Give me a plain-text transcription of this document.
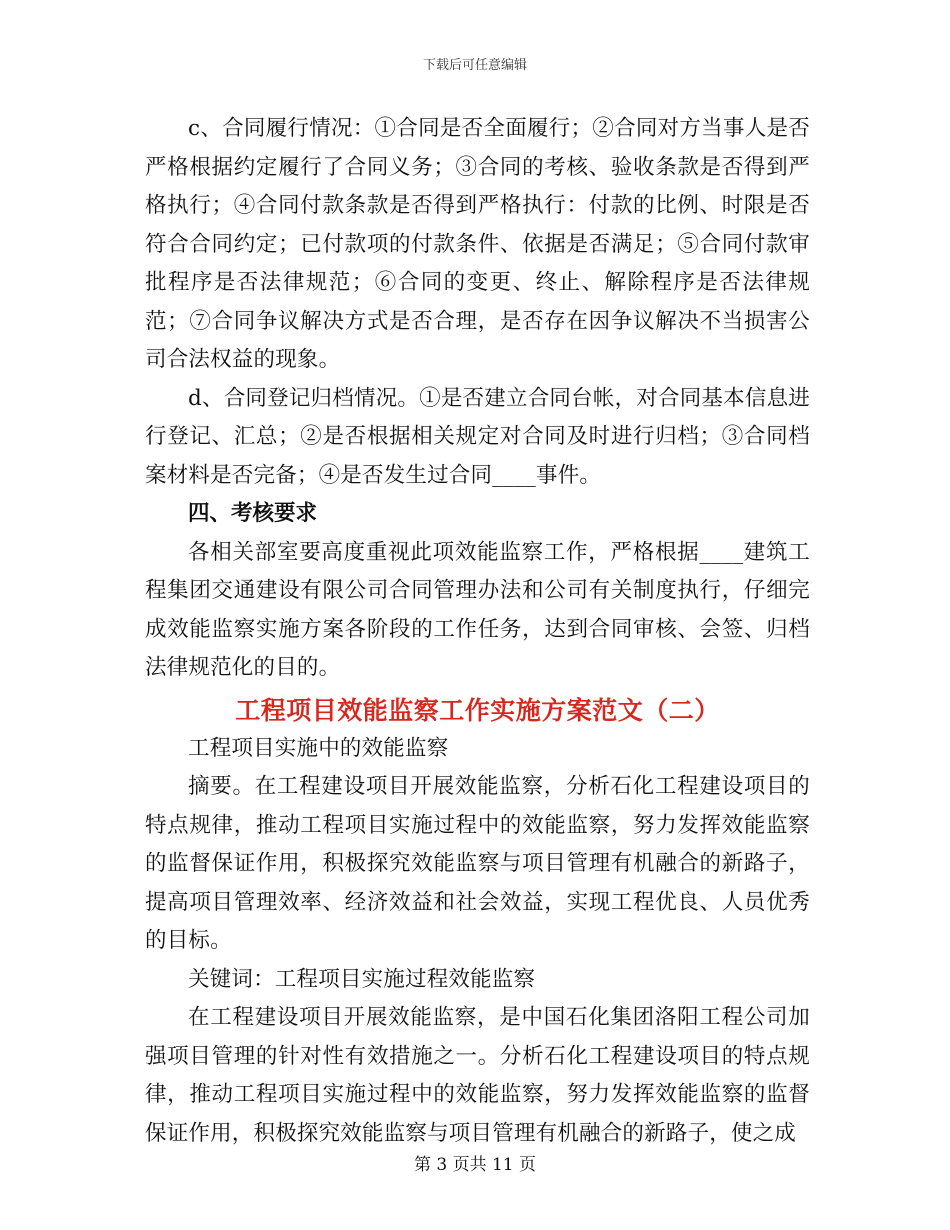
下载后可任意编辑

c、合同履行情况：①合同是否全面履行；②合同对方当事人是否严格根据约定履行了合同义务；③合同的考核、验收条款是否得到严格执行；④合同付款条款是否得到严格执行：付款的比例、时限是否符合合同约定；已付款项的付款条件、依据是否满足；⑤合同付款审批程序是否法律规范；⑥合同的变更、终止、解除程序是否法律规范；⑦合同争议解决方式是否合理，是否存在因争议解决不当损害公司合法权益的现象。

d、合同登记归档情况。①是否建立合同台帐，对合同基本信息进行登记、汇总；②是否根据相关规定对合同及时进行归档；③合同档案材料是否完备；④是否发生过合同____事件。

四、考核要求

各相关部室要高度重视此项效能监察工作，严格根据____建筑工程集团交通建设有限公司合同管理办法和公司有关制度执行，仔细完成效能监察实施方案各阶段的工作任务，达到合同审核、会签、归档法律规范化的目的。

工程项目效能监察工作实施方案范文（二）

工程项目实施中的效能监察

摘要。在工程建设项目开展效能监察，分析石化工程建设项目的特点规律，推动工程项目实施过程中的效能监察，努力发挥效能监察的监督保证作用，积极探究效能监察与项目管理有机融合的新路子，提高项目管理效率、经济效益和社会效益，实现工程优良、人员优秀的目标。

关键词：工程项目实施过程效能监察

在工程建设项目开展效能监察，是中国石化集团洛阳工程公司加强项目管理的针对性有效措施之一。分析石化工程建设项目的特点规律，推动工程项目实施过程中的效能监察，努力发挥效能监察的监督保证作用，积极探究效能监察与项目管理有机融合的新路子，使之成

第 3 页共 11 页
